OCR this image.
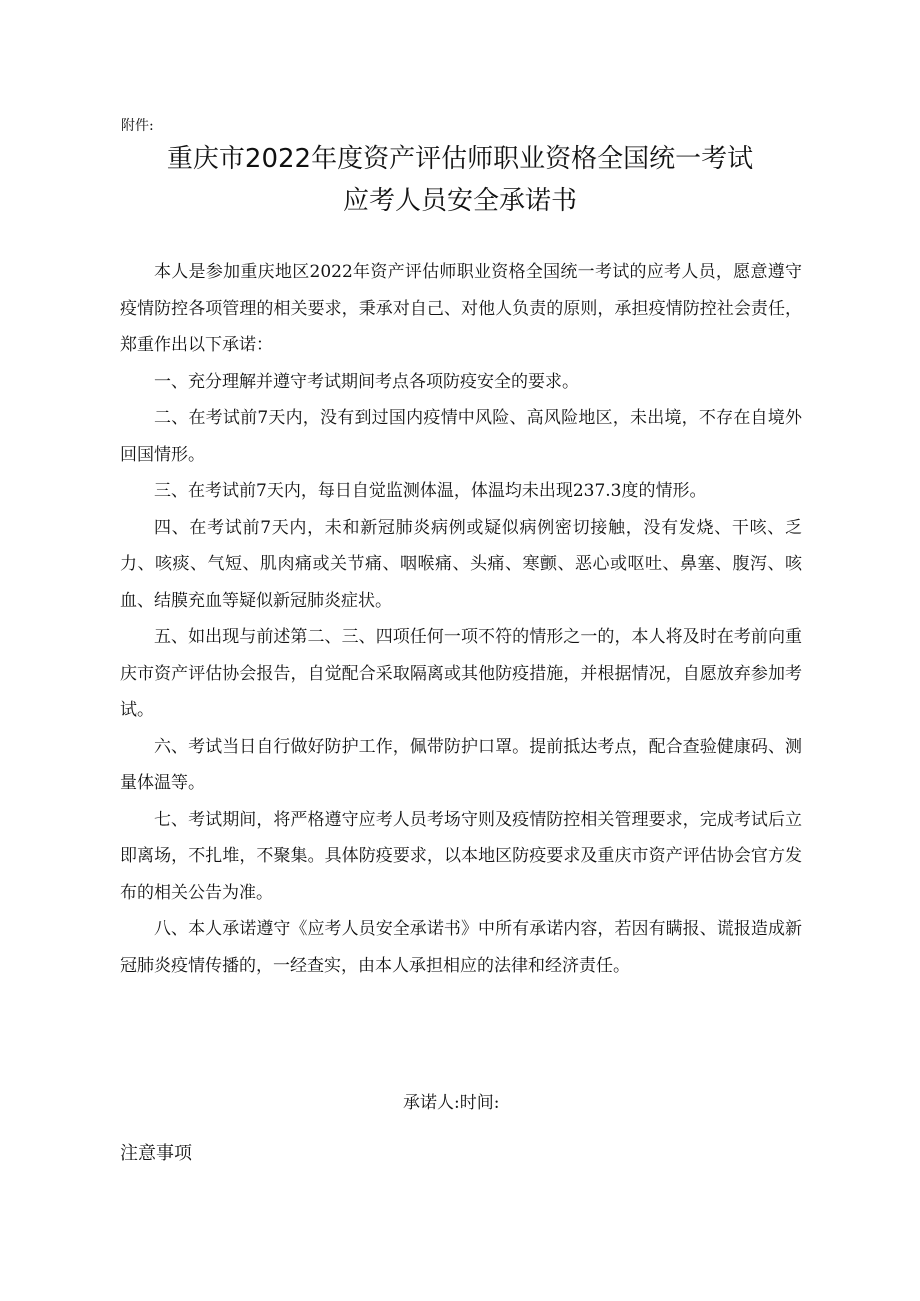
附件:
重庆市2022年度资产评估师职业资格全国统一考试
应考人员安全承诺书

本人是参加重庆地区2022年资产评估师职业资格全国统一考试的应考人员，愿意遵守疫情防控各项管理的相关要求，秉承对自己、对他人负责的原则，承担疫情防控社会责任，郑重作出以下承诺：

一、充分理解并遵守考试期间考点各项防疫安全的要求。

二、在考试前7天内，没有到过国内疫情中风险、高风险地区，未出境，不存在自境外回国情形。

三、在考试前7天内，每日自觉监测体温，体温均未出现237.3度的情形。

四、在考试前7天内，未和新冠肺炎病例或疑似病例密切接触，没有发烧、干咳、乏力、咳痰、气短、肌肉痛或关节痛、咽喉痛、头痛、寒颤、恶心或呕吐、鼻塞、腹泻、咳血、结膜充血等疑似新冠肺炎症状。

五、如出现与前述第二、三、四项任何一项不符的情形之一的，本人将及时在考前向重庆市资产评估协会报告，自觉配合采取隔离或其他防疫措施，并根据情况，自愿放弃参加考试。

六、考试当日自行做好防护工作，佩带防护口罩。提前抵达考点，配合查验健康码、测量体温等。

七、考试期间，将严格遵守应考人员考场守则及疫情防控相关管理要求，完成考试后立即离场，不扎堆，不聚集。具体防疫要求，以本地区防疫要求及重庆市资产评估协会官方发布的相关公告为准。

八、本人承诺遵守《应考人员安全承诺书》中所有承诺内容，若因有瞒报、谎报造成新冠肺炎疫情传播的，一经查实，由本人承担相应的法律和经济责任。

承诺人:时间:
注意事项
